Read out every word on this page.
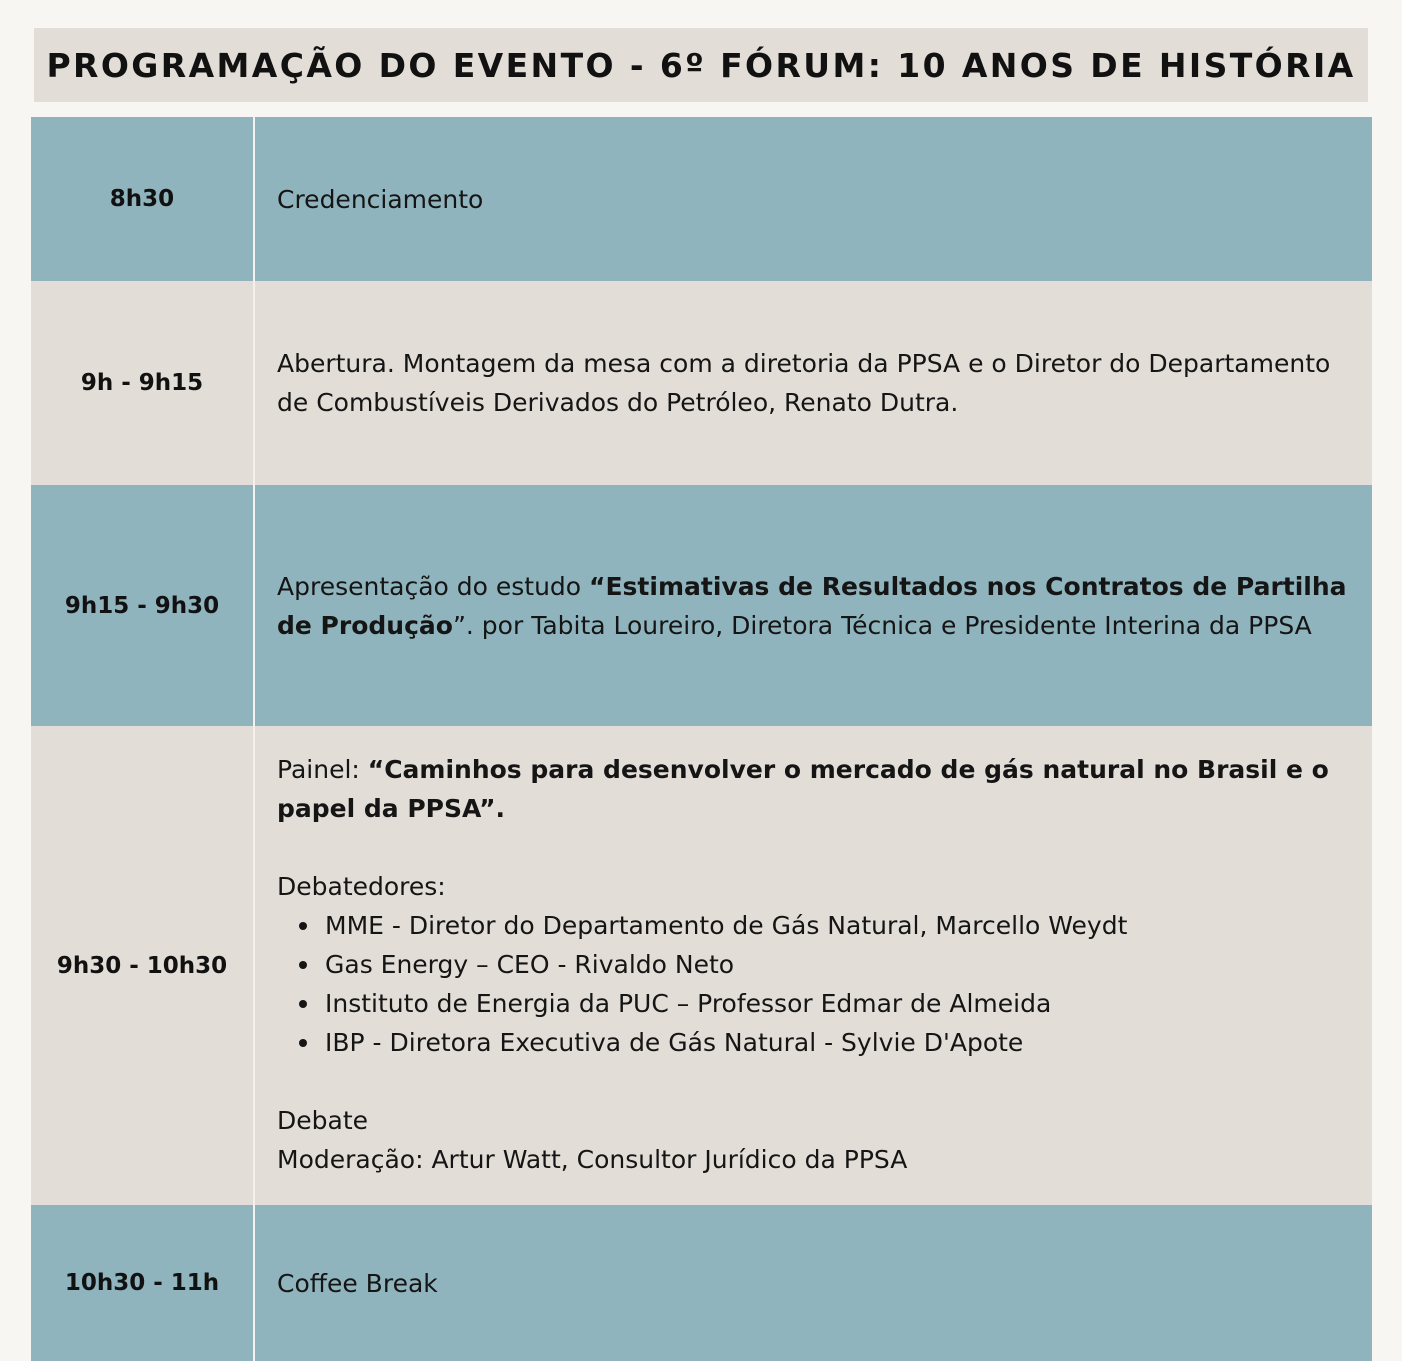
PROGRAMAÇÃO DO EVENTO - 6º FÓRUM: 10 ANOS DE HISTÓRIA
8h30	Credenciamento
9h - 9h15
Abertura. Montagem da mesa com a diretoria da PPSA e o Diretor do Departamento de Combustíveis Derivados do Petróleo, Renato Dutra.
9h15 - 9h30
Apresentação do estudo “Estimativas de Resultados nos Contratos de Partilha de Produção”. por Tabita Loureiro, Diretora Técnica e Presidente Interina da PPSA
9h30 - 10h30
Painel: “Caminhos para desenvolver o mercado de gás natural no Brasil e o papel da PPSA”.
Debatedores:
MME - Diretor do Departamento de Gás Natural, Marcello Weydt
Gas Energy – CEO - Rivaldo Neto
Instituto de Energia da PUC – Professor Edmar de Almeida
IBP - Diretora Executiva de Gás Natural - Sylvie D'Apote
Debate
Moderação: Artur Watt, Consultor Jurídico da PPSA
10h30 - 11h	Coffee Break
